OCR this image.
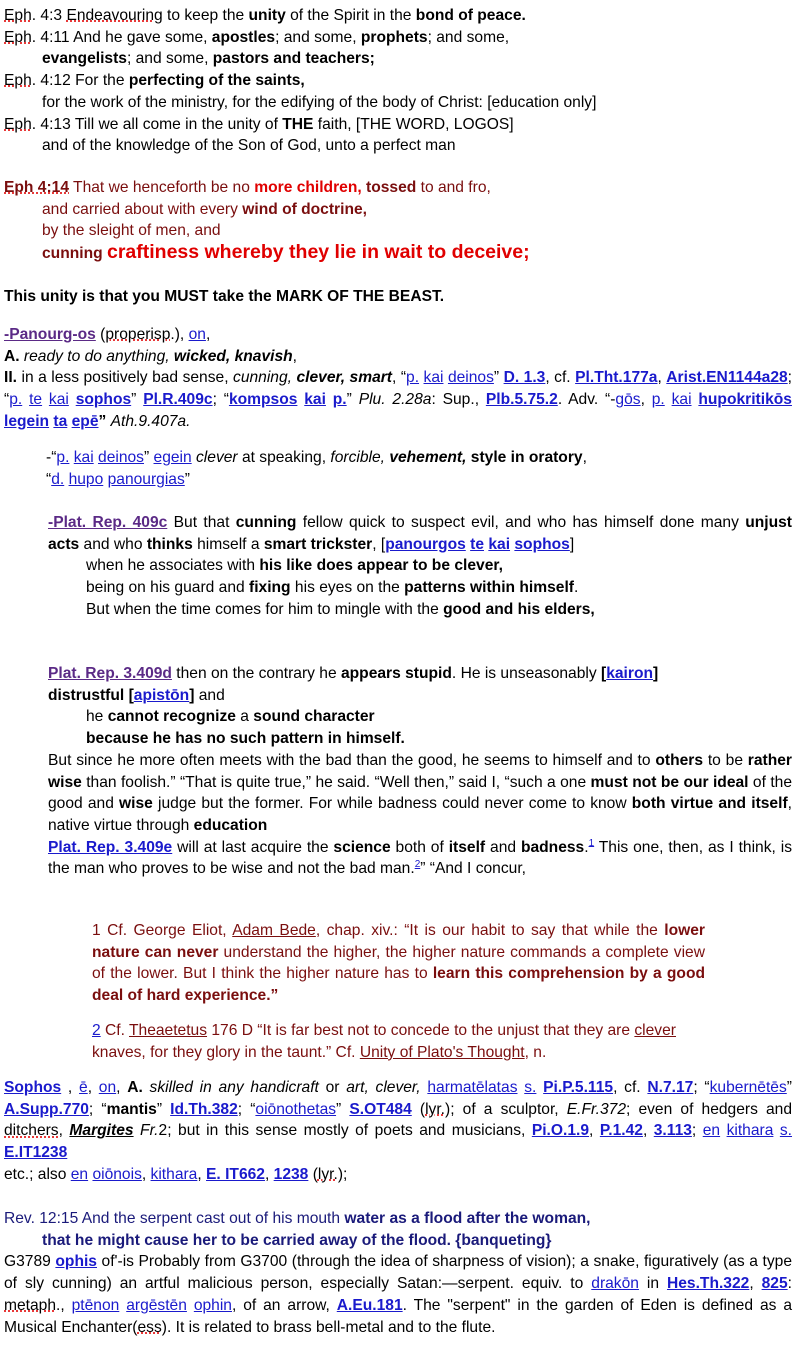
Eph. 4:3 Endeavouring to keep the unity of the Spirit in the bond of peace.
Eph. 4:11 And he gave some, apostles; and some, prophets; and some,
evangelists; and some, pastors and teachers;
Eph. 4:12 For the perfecting of the saints,
for the work of the ministry, for the edifying of the body of Christ: [education only]
Eph. 4:13 Till we all come in the unity of THE faith, [THE WORD, LOGOS]
and of the knowledge of the Son of God, unto a perfect man
Eph 4:14 That we henceforth be no more children, tossed to and fro,
and carried about with every wind of doctrine,
by the sleight of men, and
cunning craftiness whereby they lie in wait to deceive;
This unity is that you MUST take the MARK OF THE BEAST.
-Panourg-os (properisp.), on,
A. ready to do anything, wicked, knavish,
II. in a less positively bad sense, cunning, clever, smart, “p. kai deinos” D. 1.3, cf. Pl.Tht.177a, Arist.EN1144a28; “p. te kai sophos” Pl.R.409c; “kompsos kai p.” Plu. 2.28a: Sup., Plb.5.75.2. Adv. “-gōs, p. kai hupokritikōs legein ta epē” Ath.9.407a.
-“p. kai deinos” egein clever at speaking, forcible, vehement, style in oratory,
“d. hupo panourgias”
-Plat. Rep. 409c But that cunning fellow quick to suspect evil, and who has himself done many unjust acts and who thinks himself a smart trickster, [panourgos te kai sophos]
when he associates with his like does appear to be clever,
being on his guard and fixing his eyes on the patterns within himself.
But when the time comes for him to mingle with the good and his elders,
Plat. Rep. 3.409d then on the contrary he appears stupid. He is unseasonably [kairon]
distrustful [apistōn] and
he cannot recognize a sound character
because he has no such pattern in himself.
But since he more often meets with the bad than the good, he seems to himself and to others to be rather wise than foolish.” “That is quite true,” he said. “Well then,” said I, “such a one must not be our ideal of the good and wise judge but the former. For while badness could never come to know both virtue and itself, native virtue through education
Plat. Rep. 3.409e will at last acquire the science both of itself and badness.$^1$ This one, then, as I think, is the man who proves to be wise and not the bad man.$^2$” “And I concur,
1 Cf. George Eliot, Adam Bede, chap. xiv.: “It is our habit to say that while the lower nature can never understand the higher, the higher nature commands a complete view of the lower. But I think the higher nature has to learn this comprehension by a good deal of hard experience.”
2 Cf. Theaetetus 176 D “It is far best not to concede to the unjust that they are clever knaves, for they glory in the taunt.” Cf. Unity of Plato's Thought, n.
Sophos , ē, on, A. skilled in any handicraft or art, clever, harmatēlatas s. Pi.P.5.115, cf. N.7.17; “kubernētēs” A.Supp.770; “mantis” Id.Th.382; “oiōnothetas” S.OT484 (lyr.); of a sculptor, E.Fr.372; even of hedgers and ditchers, Margites Fr.2; but in this sense mostly of poets and musicians, Pi.O.1.9, P.1.42, 3.113; en kithara s. E.IT1238
etc.; also en oiōnois, kithara, E. IT662, 1238 (lyr.);
Rev. 12:15 And the serpent cast out of his mouth water as a flood after the woman,
that he might cause her to be carried away of the flood. {banqueting}
G3789 ophis of'-is Probably from G3700 (through the idea of sharpness of vision); a snake, figuratively (as a type of sly cunning) an artful malicious person, especially Satan:—serpent. equiv. to drakōn in Hes.Th.322, 825: metaph., ptēnon argēstēn ophin, of an arrow, A.Eu.181. The "serpent" in the garden of Eden is defined as a Musical Enchanter(ess). It is related to brass bell-metal and to the flute.
